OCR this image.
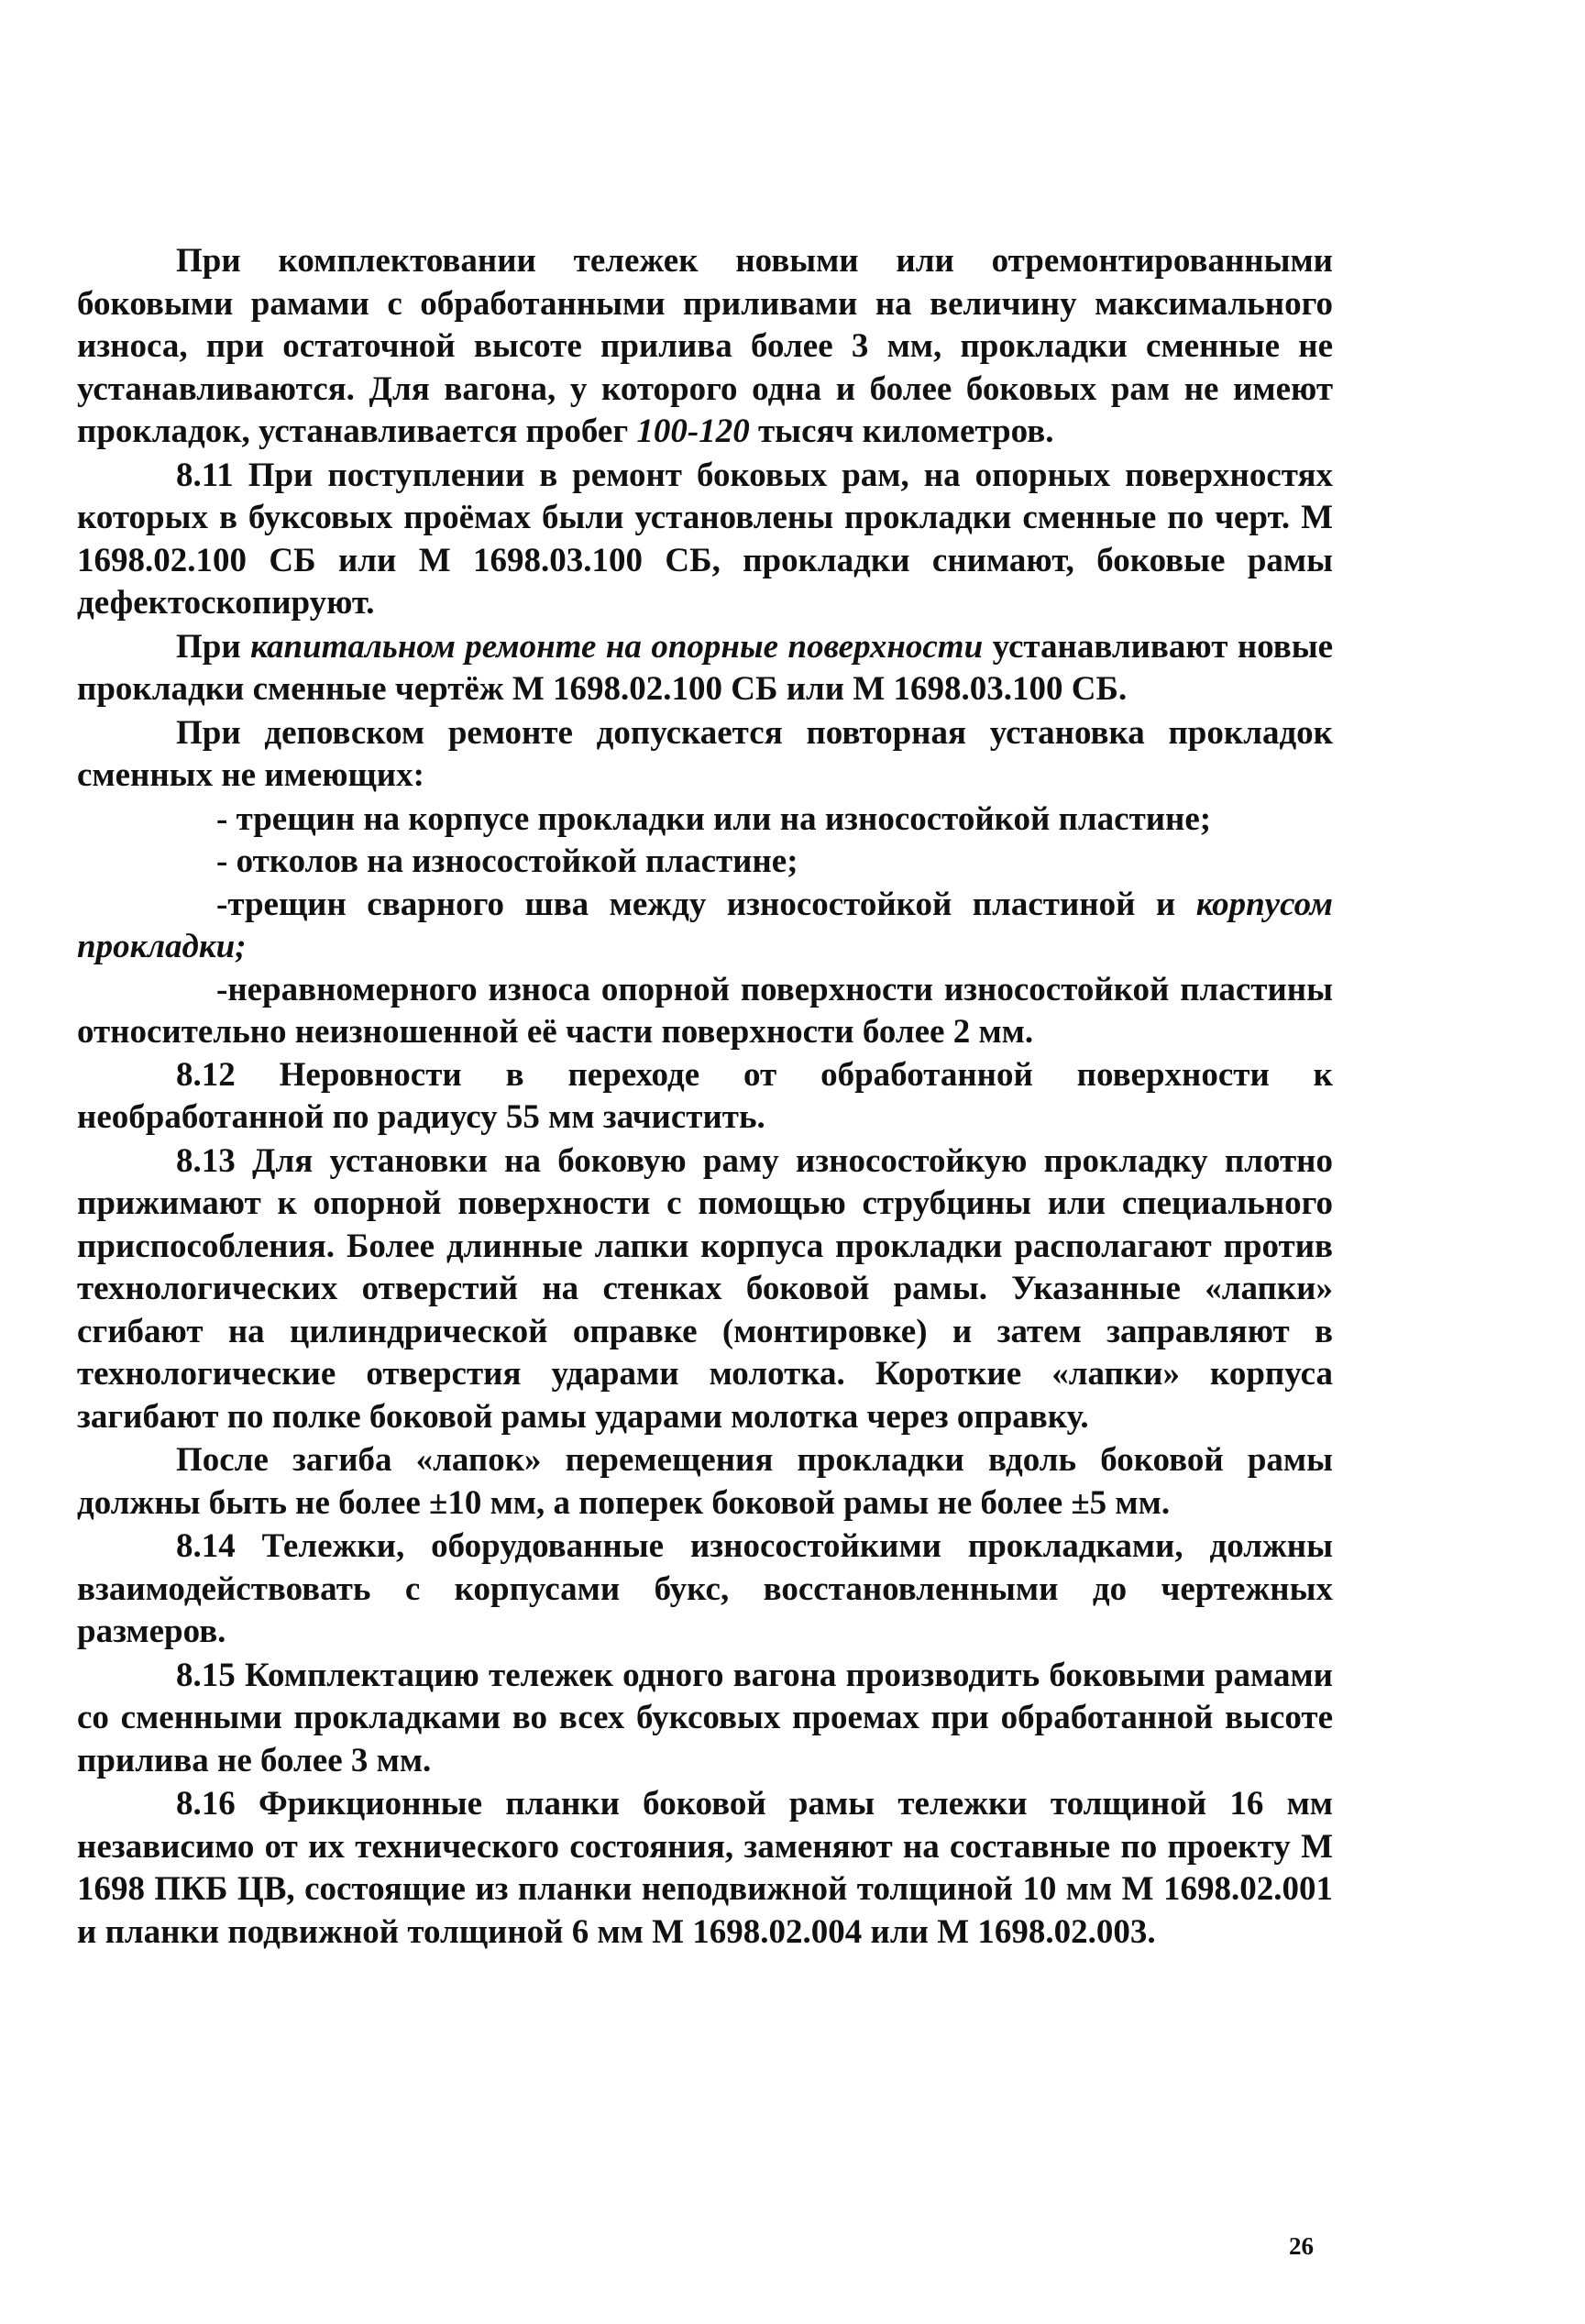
При комплектовании тележек новыми или отремонтированными боковыми рамами с обработанными приливами на величину максимального износа, при остаточной высоте прилива более 3 мм, прокладки сменные не устанавливаются. Для вагона, у которого одна и более боковых рам не имеют прокладок, устанавливается пробег 100-120 тысяч километров.

8.11 При поступлении в ремонт боковых рам, на опорных поверхностях которых в буксовых проёмах были установлены прокладки сменные по черт. М 1698.02.100 СБ или М 1698.03.100 СБ, прокладки снимают, боковые рамы дефектоскопируют.

При капитальном ремонте на опорные поверхности устанавливают новые прокладки сменные чертёж М 1698.02.100 СБ или М 1698.03.100 СБ.

При деповском ремонте допускается повторная установка прокладок сменных не имеющих:

- трещин на корпусе прокладки или на износостойкой пластине;

- отколов на износостойкой пластине;

-трещин сварного шва между износостойкой пластиной и корпусом прокладки;

-неравномерного износа опорной поверхности износостойкой пластины относительно неизношенной её части поверхности более 2 мм.

8.12 Неровности в переходе от обработанной поверхности к необработанной по радиусу 55 мм зачистить.

8.13 Для установки на боковую раму износостойкую прокладку плотно прижимают к опорной поверхности с помощью струбцины или специального приспособления. Более длинные лапки корпуса прокладки располагают против технологических отверстий на стенках боковой рамы. Указанные «лапки» сгибают на цилиндрической оправке (монтировке) и затем заправляют в технологические отверстия ударами молотка. Короткие «лапки» корпуса загибают по полке боковой рамы ударами молотка через оправку.

После загиба «лапок» перемещения прокладки вдоль боковой рамы должны быть не более ±10 мм, а поперек боковой рамы не более ±5 мм.

8.14 Тележки, оборудованные износостойкими прокладками, должны взаимодействовать с корпусами букс, восстановленными до чертежных размеров.

8.15 Комплектацию тележек одного вагона производить боковыми рамами со сменными прокладками во всех буксовых проемах при обработанной высоте прилива не более 3 мм.

8.16 Фрикционные планки боковой рамы тележки толщиной 16 мм независимо от их технического состояния, заменяют на составные по проекту М 1698 ПКБ ЦВ, состоящие из планки неподвижной толщиной 10 мм М 1698.02.001 и планки подвижной толщиной 6 мм М 1698.02.004 или М 1698.02.003.

26
